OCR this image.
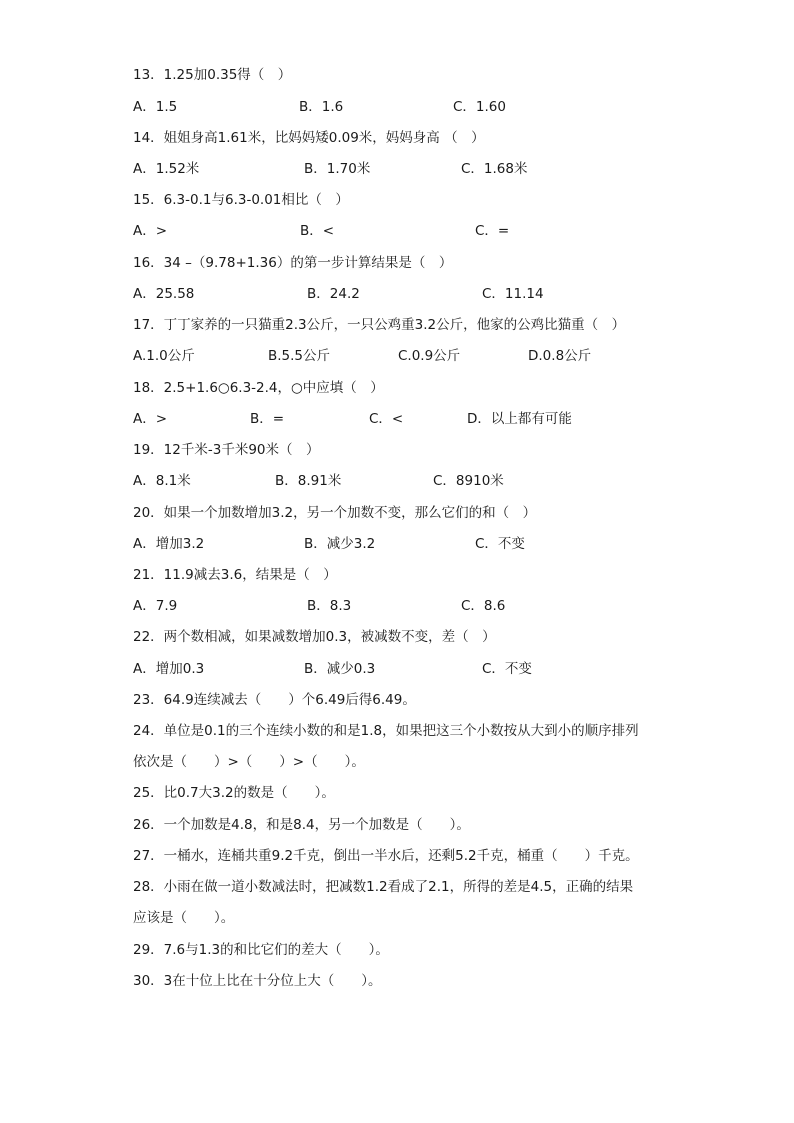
13．1.25加0.35得（　）
A．1.5	B．1.6	C．1.60
14．姐姐身高1.61米，比妈妈矮0.09米，妈妈身高 （　）
A．1.52米	B．1.70米	C．1.68米
15．6.3-0.1与6.3-0.01相比（　）
A．>	B．<	C．=
16．34 –（9.78+1.36）的第一步计算结果是（　）
A．25.58	B．24.2	C．11.14
17．丁丁家养的一只猫重2.3公斤，一只公鸡重3.2公斤，他家的公鸡比猫重（　）
A.1.0公斤	B.5.5公斤	C.0.9公斤	D.0.8公斤
18．2.5+1.6○6.3-2.4，○中应填（　）
A．>	B．=	C．<	D．以上都有可能
19．12千米-3千米90米（　）
A．8.1米	B．8.91米	C．8910米
20．如果一个加数增加3.2，另一个加数不变，那么它们的和（　）
A．增加3.2	B．减少3.2	C．不变
21．11.9减去3.6，结果是（　）
A．7.9	B．8.3	C．8.6
22．两个数相减，如果减数增加0.3，被减数不变，差（　）
A．增加0.3	B．减少0.3	C．不变
23．64.9连续减去（　　）个6.49后得6.49。
24．单位是0.1的三个连续小数的和是1.8，如果把这三个小数按从大到小的顺序排列
依次是（　　）>（　　）>（　　）。
25．比0.7大3.2的数是（　　）。
26．一个加数是4.8，和是8.4，另一个加数是（　　）。
27．一桶水，连桶共重9.2千克，倒出一半水后，还剩5.2千克，桶重（　　）千克。
28．小雨在做一道小数减法时，把减数1.2看成了2.1，所得的差是4.5，正确的结果
应该是（　　）。
29．7.6与1.3的和比它们的差大（　　）。
30．3在十位上比在十分位上大（　　）。
